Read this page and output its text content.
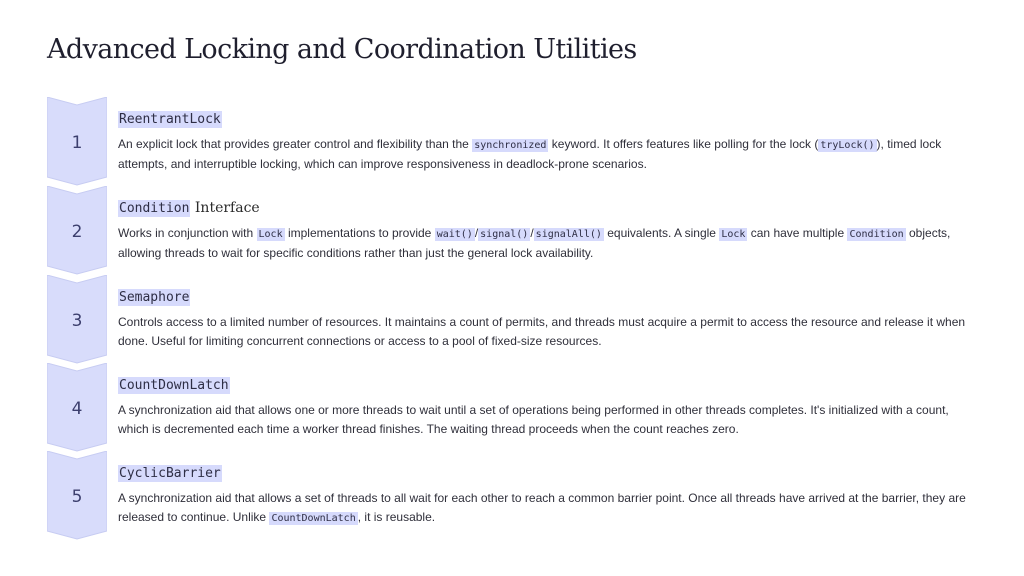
Advanced Locking and Coordination Utilities
1
ReentrantLock
An explicit lock that provides greater control and flexibility than the synchronized keyword. It offers features like polling for the lock ( tryLock() ), timed lock attempts, and interruptible locking, which can improve responsiveness in deadlock-prone scenarios.
2
Condition Interface
Works in conjunction with Lock implementations to provide wait() / signal() / signalAll() equivalents. A single Lock can have multiple Condition objects, allowing threads to wait for specific conditions rather than just the general lock availability.
3
Semaphore
Controls access to a limited number of resources. It maintains a count of permits, and threads must acquire a permit to access the resource and release it when done. Useful for limiting concurrent connections or access to a pool of fixed-size resources.
4
CountDownLatch
A synchronization aid that allows one or more threads to wait until a set of operations being performed in other threads completes. It's initialized with a count, which is decremented each time a worker thread finishes. The waiting thread proceeds when the count reaches zero.
5
CyclicBarrier
A synchronization aid that allows a set of threads to all wait for each other to reach a common barrier point. Once all threads have arrived at the barrier, they are released to continue. Unlike CountDownLatch , it is reusable.
